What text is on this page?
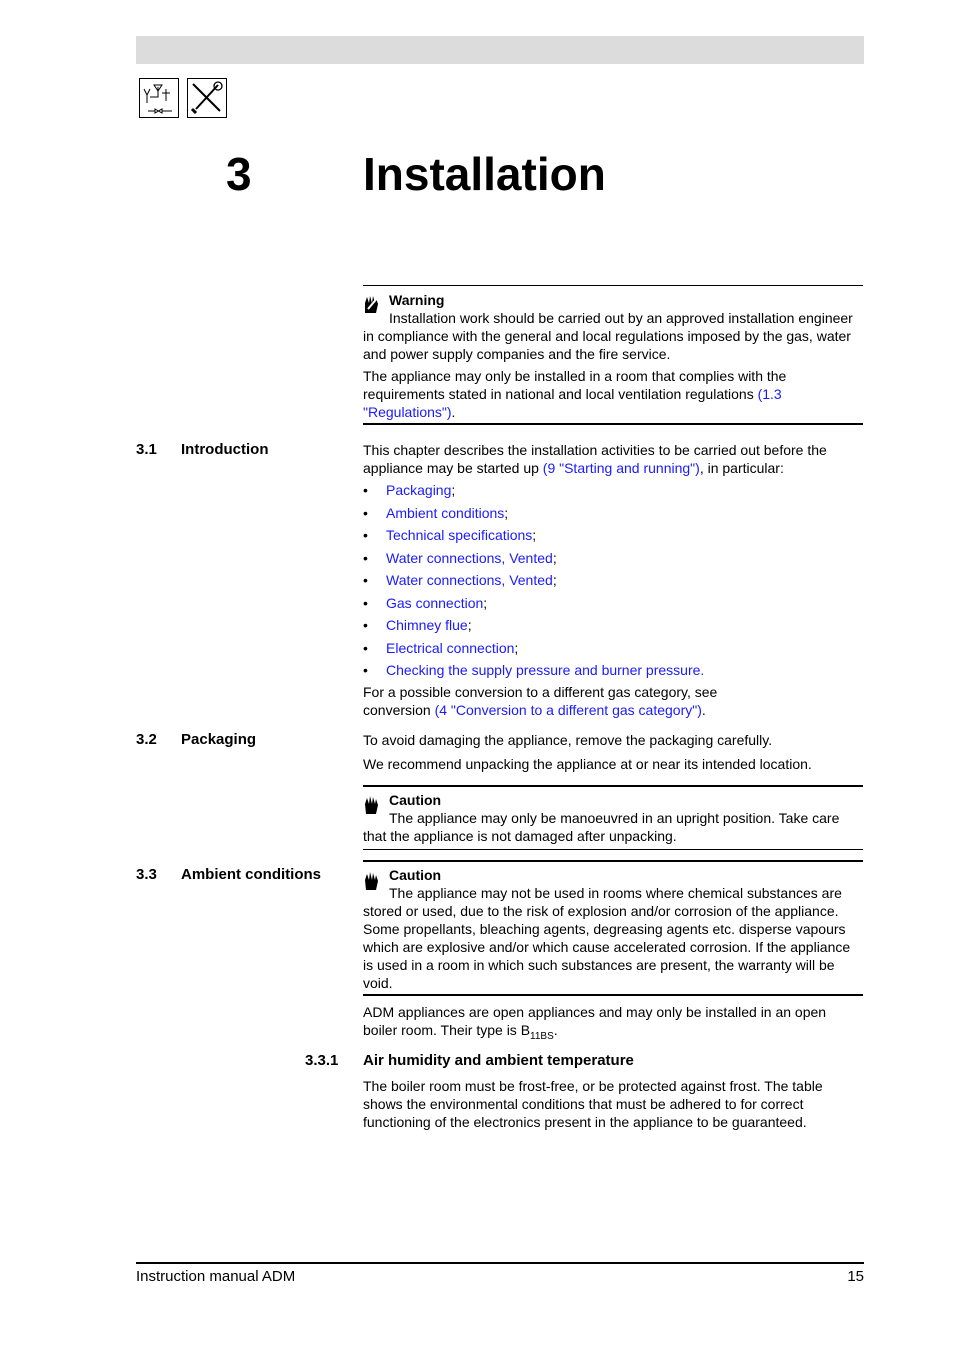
3 Installation
Warning

Installation work should be carried out by an approved installation engineer in compliance with the general and local regulations imposed by the gas, water and power supply companies and the fire service.

The appliance may only be installed in a room that complies with the requirements stated in national and local ventilation regulations (1.3 "Regulations").

3.1 Introduction	This chapter describes the installation activities to be carried out before the appliance may be started up (9 "Starting and running"), in particular:

• Packaging;
• Ambient conditions;
• Technical specifications;
• Water connections, Vented;
• Water connections, Vented;
• Gas connection;
• Chimney flue;
• Electrical connection;
• Checking the supply pressure and burner pressure.

For a possible conversion to a different gas category, see conversion (4 "Conversion to a different gas category").

3.2 Packaging	To avoid damaging the appliance, remove the packaging carefully.
We recommend unpacking the appliance at or near its intended location.
Caution

The appliance may only be manoeuvred in an upright position. Take care that the appliance is not damaged after unpacking.

3.3 Ambient conditions	Caution

The appliance may not be used in rooms where chemical substances are stored or used, due to the risk of explosion and/or corrosion of the appliance. Some propellants, bleaching agents, degreasing agents etc. disperse vapours which are explosive and/or which cause accelerated corrosion. If the appliance is used in a room in which such substances are present, the warranty will be void.

ADM appliances are open appliances and may only be installed in an open boiler room. Their type is $B_{11BS}$.

3.3.1 Air humidity and ambient temperature
The boiler room must be frost-free, or be protected against frost. The table shows the environmental conditions that must be adhered to for correct functioning of the electronics present in the appliance to be guaranteed.
Instruction manual ADM	15
